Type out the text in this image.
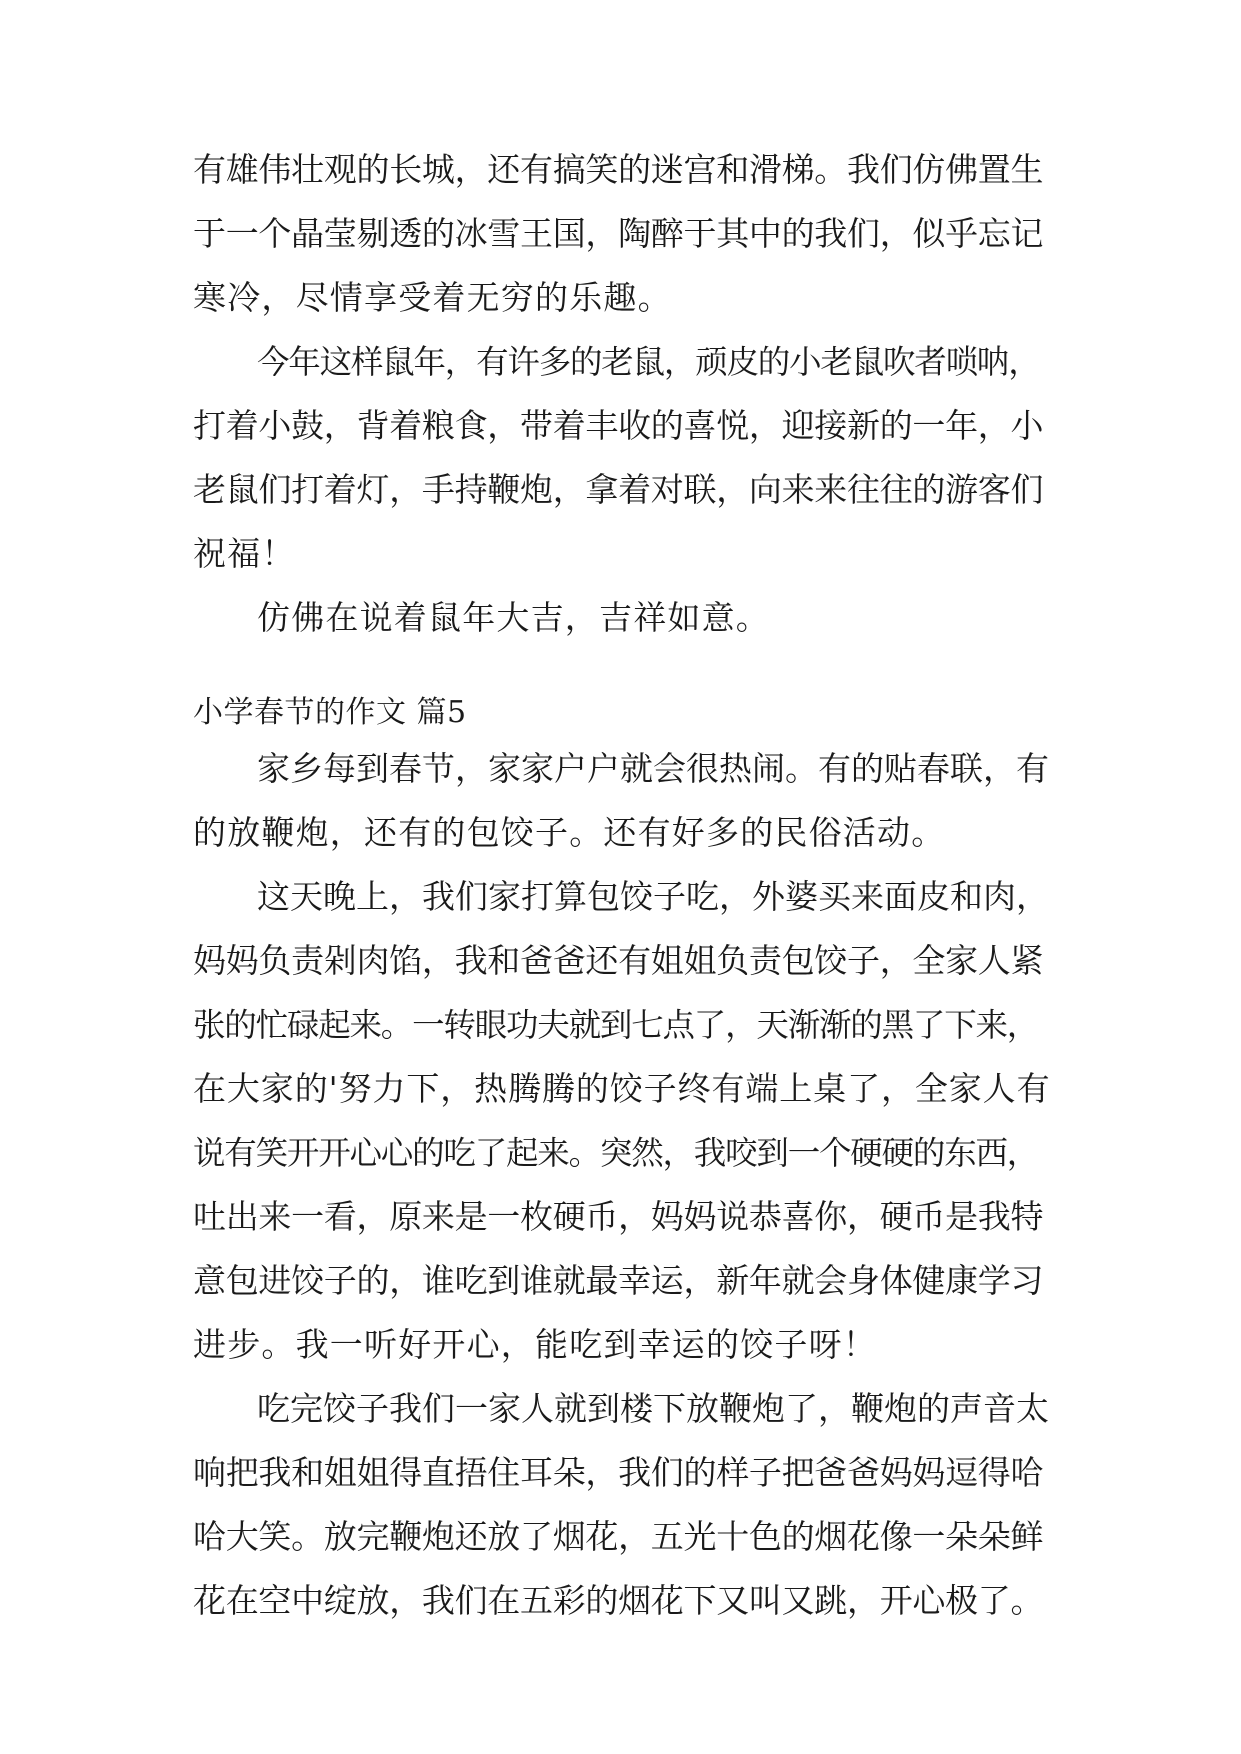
有雄伟壮观的长城，还有搞笑的迷宫和滑梯。我们仿佛置生
于一个晶莹剔透的冰雪王国，陶醉于其中的我们，似乎忘记
寒冷，尽情享受着无穷的乐趣。
今年这样鼠年，有许多的老鼠，顽皮的小老鼠吹者唢呐，
打着小鼓，背着粮食，带着丰收的喜悦，迎接新的一年，小
老鼠们打着灯，手持鞭炮，拿着对联，向来来往往的游客们
祝福！
仿佛在说着鼠年大吉，吉祥如意。
小学春节的作文 篇5
家乡每到春节，家家户户就会很热闹。有的贴春联，有
的放鞭炮，还有的包饺子。还有好多的民俗活动。
这天晚上，我们家打算包饺子吃，外婆买来面皮和肉，
妈妈负责剁肉馅，我和爸爸还有姐姐负责包饺子，全家人紧
张的忙碌起来。一转眼功夫就到七点了，天渐渐的黑了下来，
在大家的'努力下，热腾腾的饺子终有端上桌了，全家人有
说有笑开开心心的吃了起来。突然，我咬到一个硬硬的东西，
吐出来一看，原来是一枚硬币，妈妈说恭喜你，硬币是我特
意包进饺子的，谁吃到谁就最幸运，新年就会身体健康学习
进步。我一听好开心，能吃到幸运的饺子呀！
吃完饺子我们一家人就到楼下放鞭炮了，鞭炮的声音太
响把我和姐姐得直捂住耳朵，我们的样子把爸爸妈妈逗得哈
哈大笑。放完鞭炮还放了烟花，五光十色的烟花像一朵朵鲜
花在空中绽放，我们在五彩的烟花下又叫又跳，开心极了。
